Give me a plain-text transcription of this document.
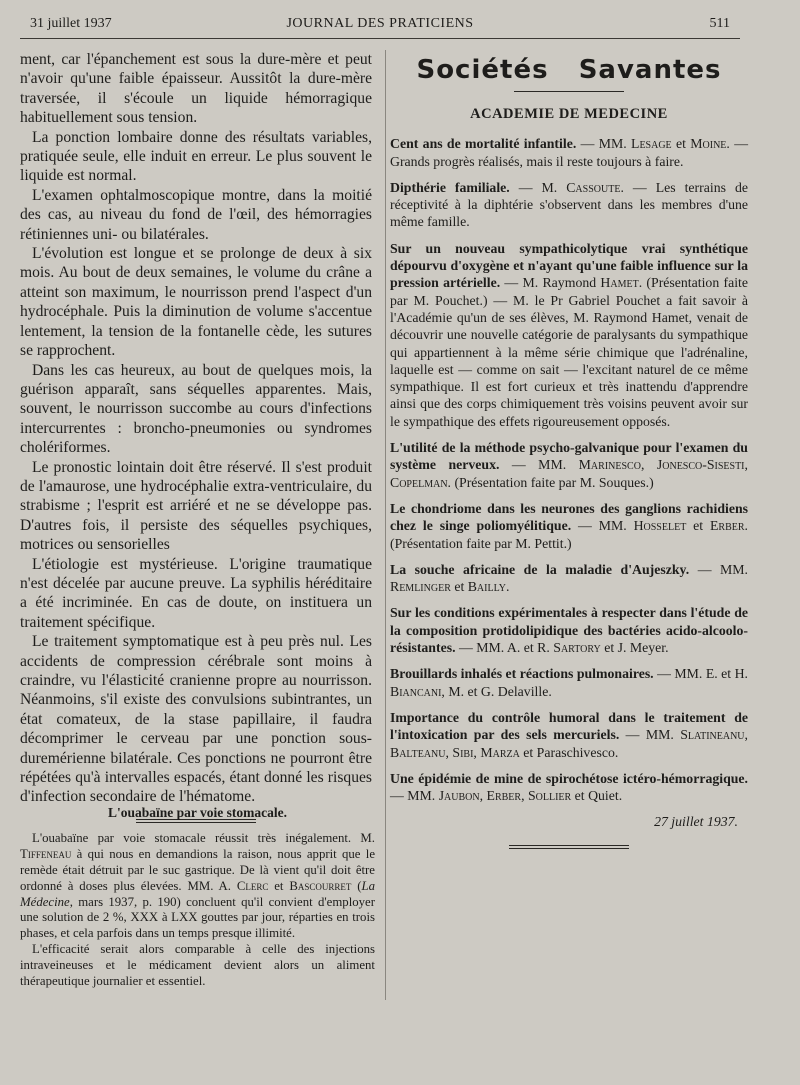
31 juillet 1937	JOURNAL DES PRATICIENS	511

ment, car l'épanchement est sous la dure-mère et peut n'avoir qu'une faible épaisseur. Aussitôt la dure-mère traversée, il s'écoule un liquide hémorragique habituellement sous tension.

La ponction lombaire donne des résultats variables, pratiquée seule, elle induit en erreur. Le plus souvent le liquide est normal.

L'examen ophtalmoscopique montre, dans la moitié des cas, au niveau du fond de l'œil, des hémorragies rétiniennes uni- ou bilatérales.

L'évolution est longue et se prolonge de deux à six mois. Au bout de deux semaines, le volume du crâne a atteint son maximum, le nourrisson prend l'aspect d'un hydrocéphale. Puis la diminution de volume s'accentue lentement, la tension de la fontanelle cède, les sutures se rapprochent.

Dans les cas heureux, au bout de quelques mois, la guérison apparaît, sans séquelles apparentes. Mais, souvent, le nourrisson succombe au cours d'infections intercurrentes : broncho-pneumonies ou syndromes cholériformes.

Le pronostic lointain doit être réservé. Il s'est produit de l'amaurose, une hydrocéphalie extra-ventriculaire, du strabisme ; l'esprit est arriéré et ne se développe pas. D'autres fois, il persiste des séquelles psychiques, motrices ou sensorielles

L'étiologie est mystérieuse. L'origine traumatique n'est décelée par aucune preuve. La syphilis héréditaire a été incriminée. En cas de doute, on instituera un traitement spécifique.

Le traitement symptomatique est à peu près nul. Les accidents de compression cérébrale sont moins à craindre, vu l'élasticité cranienne propre au nourrisson. Néanmoins, s'il existe des convulsions subintrantes, un état comateux, de la stase papillaire, il faudra décomprimer le cerveau par une ponction sous-duremérienne bilatérale. Ces ponctions ne pourront être répétées qu'à intervalles espacés, étant donné les risques d'infection secondaire de l'hématome.

L'ouabaïne par voie stomacale.

L'ouabaïne par voie stomacale réussit très inégalement. M. Tiffeneau à qui nous en demandions la raison, nous apprit que le remède était détruit par le suc gastrique. De là vient qu'il doit être ordonné à doses plus élevées. MM. A. Clerc et Bascourret (La Médecine, mars 1937, p. 190) concluent qu'il convient d'employer une solution de 2 %, XXX à LXX gouttes par jour, réparties en trois phases, et cela parfois dans un temps presque illimité.

L'efficacité serait alors comparable à celle des injections intraveineuses et le médicament devient alors un aliment thérapeutique journalier et essentiel.

Sociétés   Savantes
ACADEMIE DE MEDECINE

Cent ans de mortalité infantile. — MM. Lesage et Moine. — Grands progrès réalisés, mais il reste toujours à faire.

Dipthérie familiale. — M. Cassoute. — Les terrains de réceptivité à la diphtérie s'observent dans les membres d'une même famille.

Sur un nouveau sympathicolytique vrai synthétique dépourvu d'oxygène et n'ayant qu'une faible influence sur la pression artérielle. — M. Raymond Hamet. (Présentation faite par M. Pouchet.) — M. le Pr Gabriel Pouchet a fait savoir à l'Académie qu'un de ses élèves, M. Raymond Hamet, venait de découvrir une nouvelle catégorie de paralysants du sympathique qui appartiennent à la même série chimique que l'adrénaline, laquelle est — comme on sait — l'excitant naturel de ce même sympathique. Il est fort curieux et très inattendu d'apprendre ainsi que des corps chimiquement très voisins peuvent avoir sur le sympathique des effets rigoureusement opposés.

L'utilité de la méthode psycho-galvanique pour l'examen du système nerveux. — MM. Marinesco, Jonesco-Sisesti, Copelman. (Présentation faite par M. Souques.)

Le chondriome dans les neurones des ganglions rachidiens chez le singe poliomyélitique. — MM. Hosselet et Erber. (Présentation faite par M. Pettit.)

La souche africaine de la maladie d'Aujeszky. — MM. Remlinger et Bailly.

Sur les conditions expérimentales à respecter dans l'étude de la composition protidolipidique des bactéries acido-alcoolo-résistantes. — MM. A. et R. Sartory et J. Meyer.

Brouillards inhalés et réactions pulmonaires. — MM. E. et H. Biancani, M. et G. Delaville.

Importance du contrôle humoral dans le traitement de l'intoxication par des sels mercuriels. — MM. Slatineanu, Balteanu, Sibi, Marza et Paraschivesco.

Une épidémie de mine de spirochétose ictéro-hémorragique. — MM. Jaubon, Erber, Sollier et Quiet.

27 juillet 1937.
